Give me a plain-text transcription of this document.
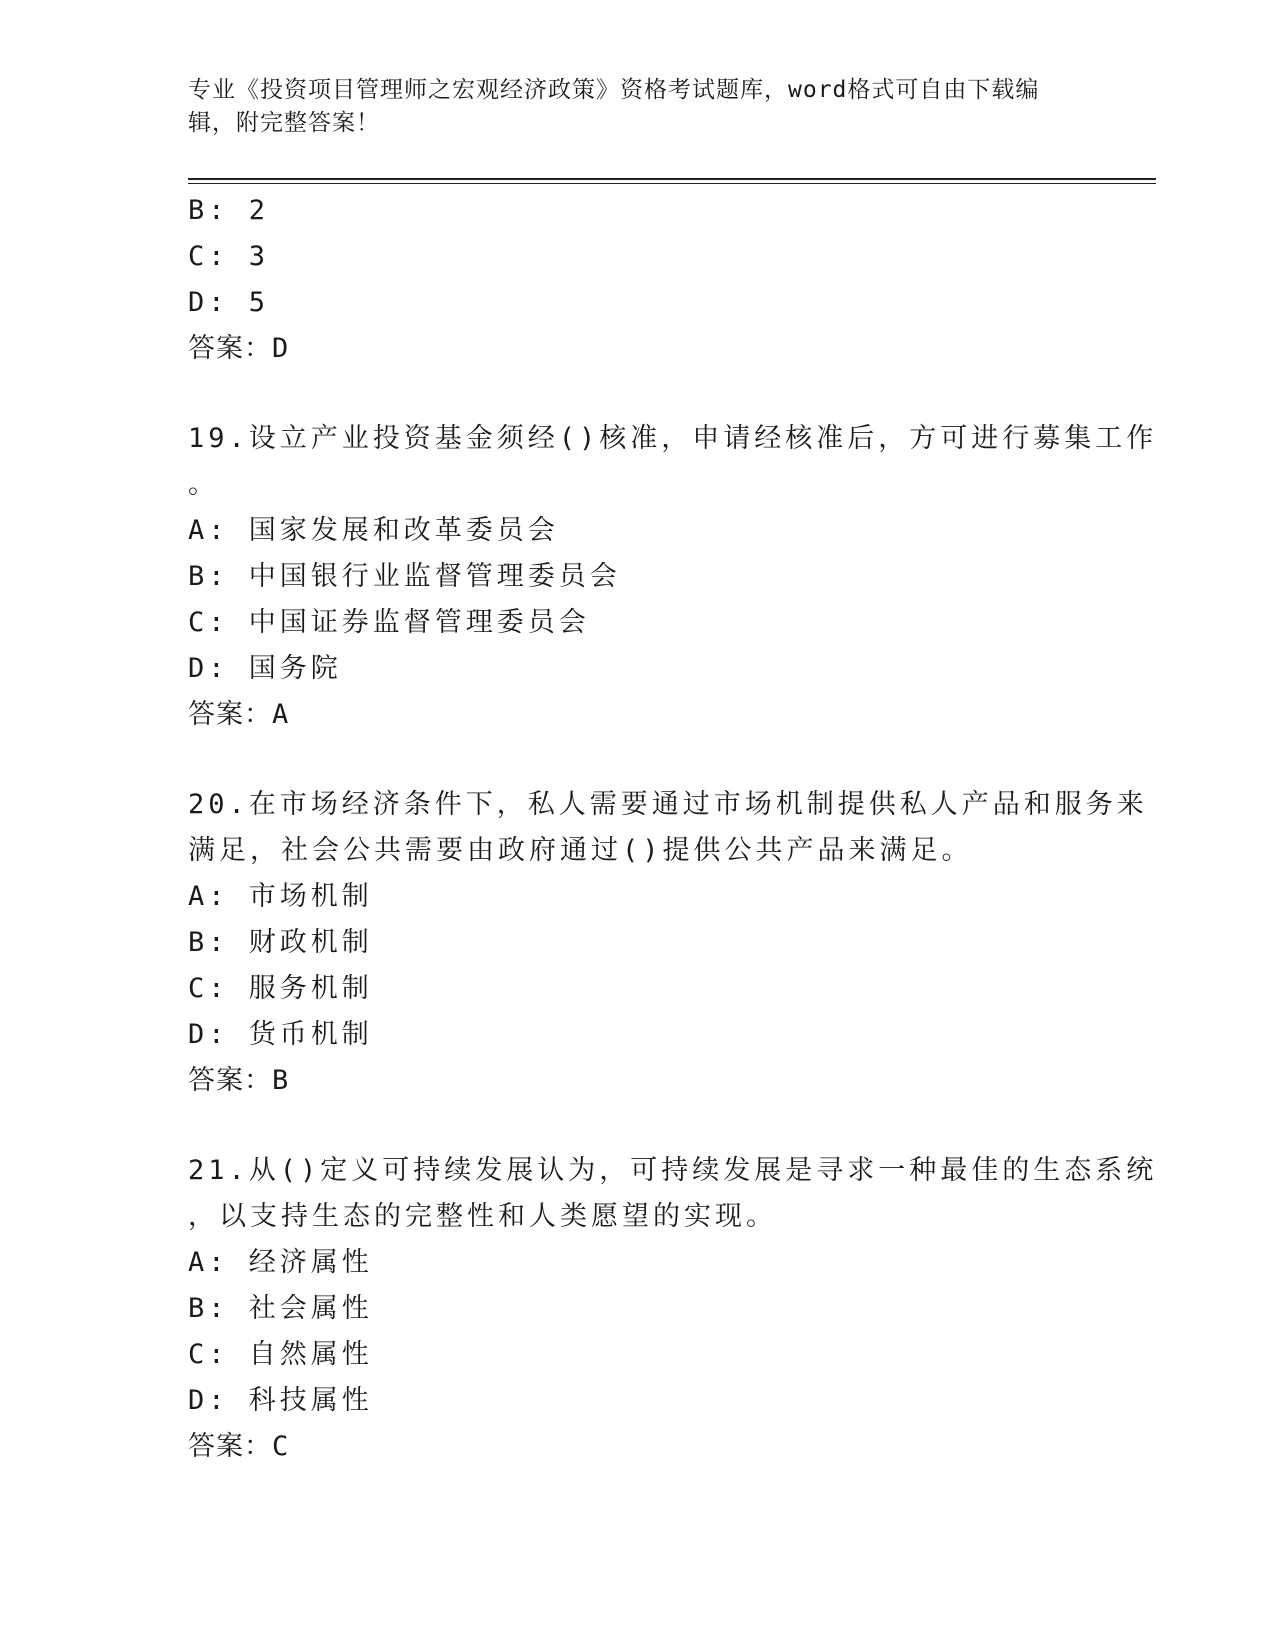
专业《投资项目管理师之宏观经济政策》资格考试题库，word格式可自由下载编
辑，附完整答案！
B: 2
C: 3
D: 5
答案：D
19.设立产业投资基金须经()核准，申请经核准后，方可进行募集工作
。
A: 国家发展和改革委员会
B: 中国银行业监督管理委员会
C: 中国证券监督管理委员会
D: 国务院
答案：A
20.在市场经济条件下，私人需要通过市场机制提供私人产品和服务来
满足，社会公共需要由政府通过()提供公共产品来满足。
A: 市场机制
B: 财政机制
C: 服务机制
D: 货币机制
答案：B
21.从()定义可持续发展认为，可持续发展是寻求一种最佳的生态系统
，以支持生态的完整性和人类愿望的实现。
A: 经济属性
B: 社会属性
C: 自然属性
D: 科技属性
答案：C
